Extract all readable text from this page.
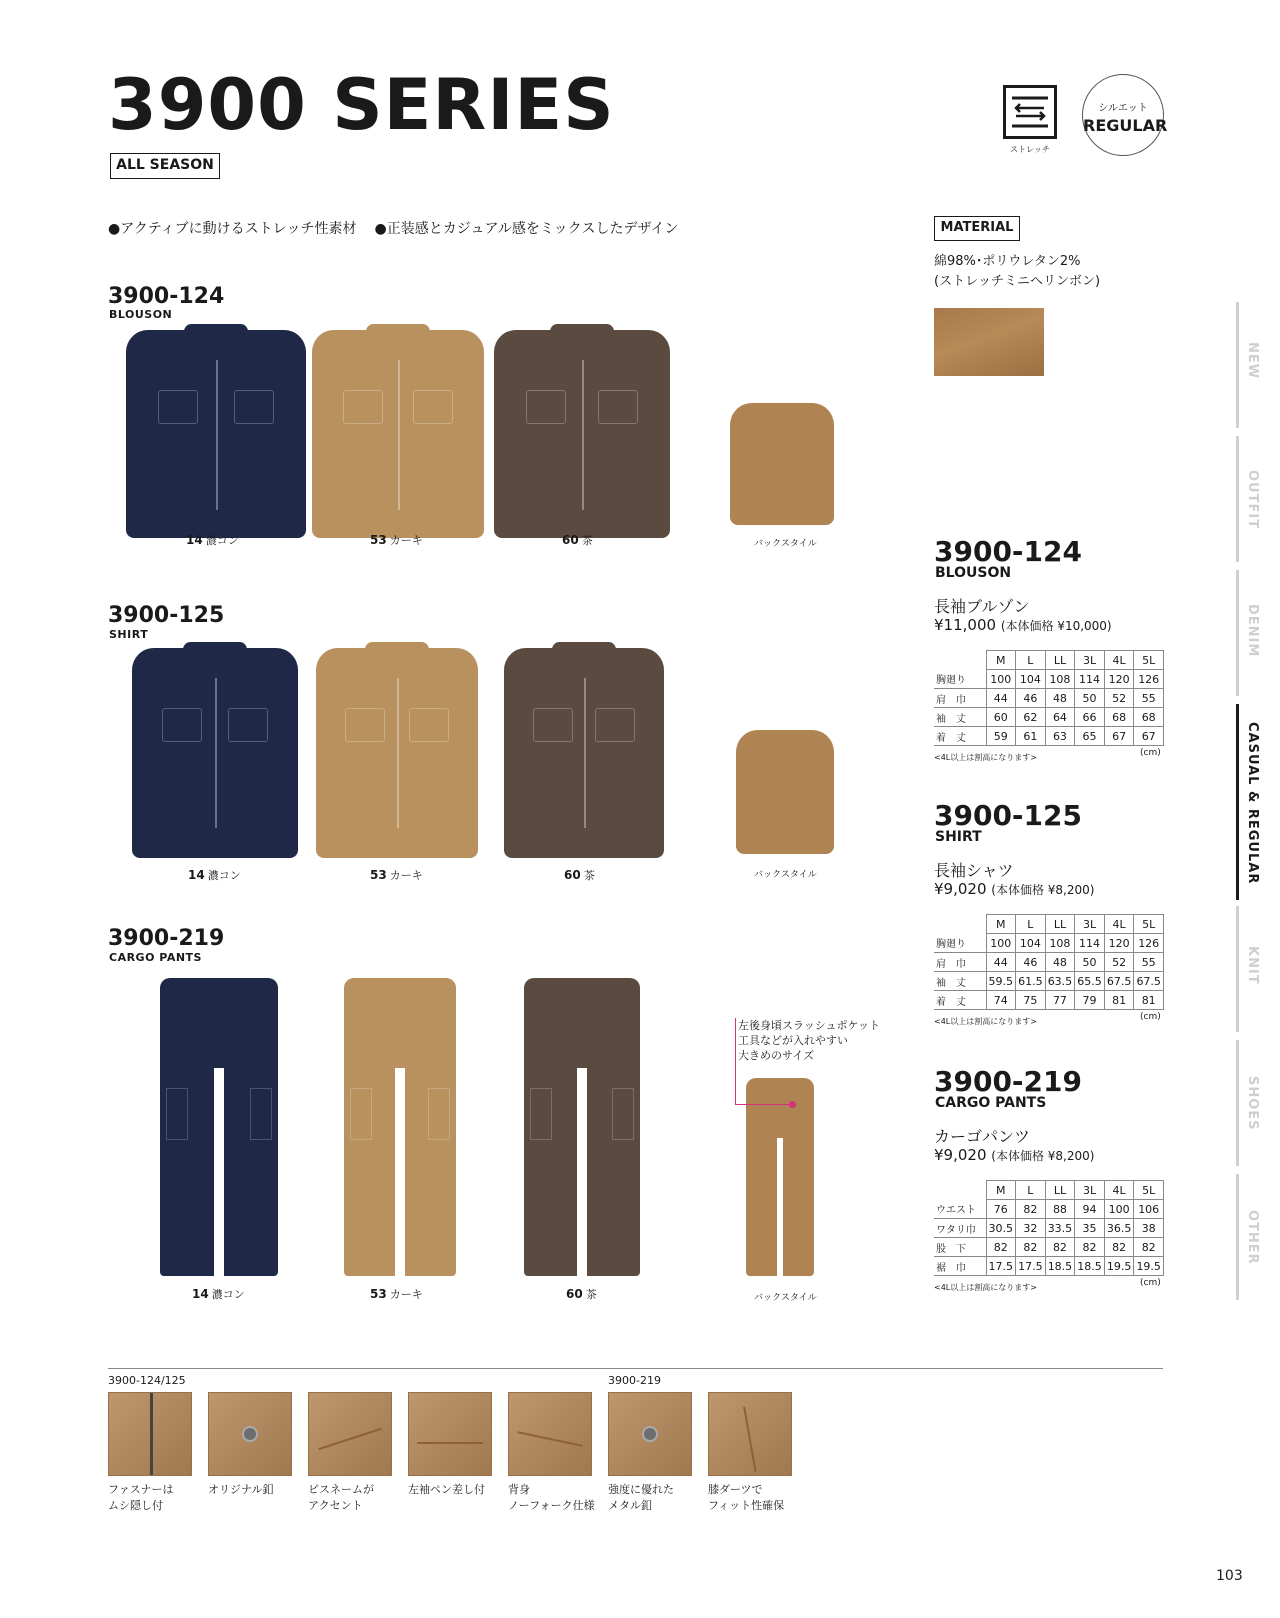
3900 SERIES
ALL SEASON
●アクティブに動けるストレッチ性素材 ●正装感とカジュアル感をミックスしたデザイン
ストレッチ
シルエット
REGULAR
MATERIAL
綿98%･ポリウレタン2%
(ストレッチミニヘリンボン)
3900-124
BLOUSON
14 濃コン	53 カーキ	60 茶	バックスタイル
3900-125
SHIRT
14 濃コン	53 カーキ	60 茶	バックスタイル
3900-219
CARGO PANTS
左後身頃スラッシュポケット
工具などが入れやすい
大きめのサイズ
14 濃コン	53 カーキ	60 茶	バックスタイル
3900-124
BLOUSON
長袖ブルゾン
¥11,000 (本体価格 ¥10,000)
	M	L	LL	3L	4L	5L
胸廻り	100	104	108	114	120	126
肩　巾	44	46	48	50	52	55
袖　丈	60	62	64	66	68	68
着　丈	59	61	63	65	67	67
<4L以上は割高になります>	(cm)
3900-125
SHIRT
長袖シャツ
¥9,020 (本体価格 ¥8,200)
	M	L	LL	3L	4L	5L
胸廻り	100	104	108	114	120	126
肩　巾	44	46	48	50	52	55
袖　丈	59.5	61.5	63.5	65.5	67.5	67.5
着　丈	74	75	77	79	81	81
<4L以上は割高になります>	(cm)
3900-219
CARGO PANTS
カーゴパンツ
¥9,020 (本体価格 ¥8,200)
	M	L	LL	3L	4L	5L
ウエスト	76	82	88	94	100	106
ワタリ巾	30.5	32	33.5	35	36.5	38
股　下	82	82	82	82	82	82
裾　巾	17.5	17.5	18.5	18.5	19.5	19.5
<4L以上は割高になります>	(cm)
NEW
OUTFIT
DENIM
CASUAL & REGULAR
KNIT
SHOES
OTHER
3900-124/125	3900-219
ファスナーは
ムシ隠し付
オリジナル釦	ピスネームが
アクセント
左袖ペン差し付 背身
ノーフォーク仕様
強度に優れた
メタル釦
膝ダーツで
フィット性確保
103
